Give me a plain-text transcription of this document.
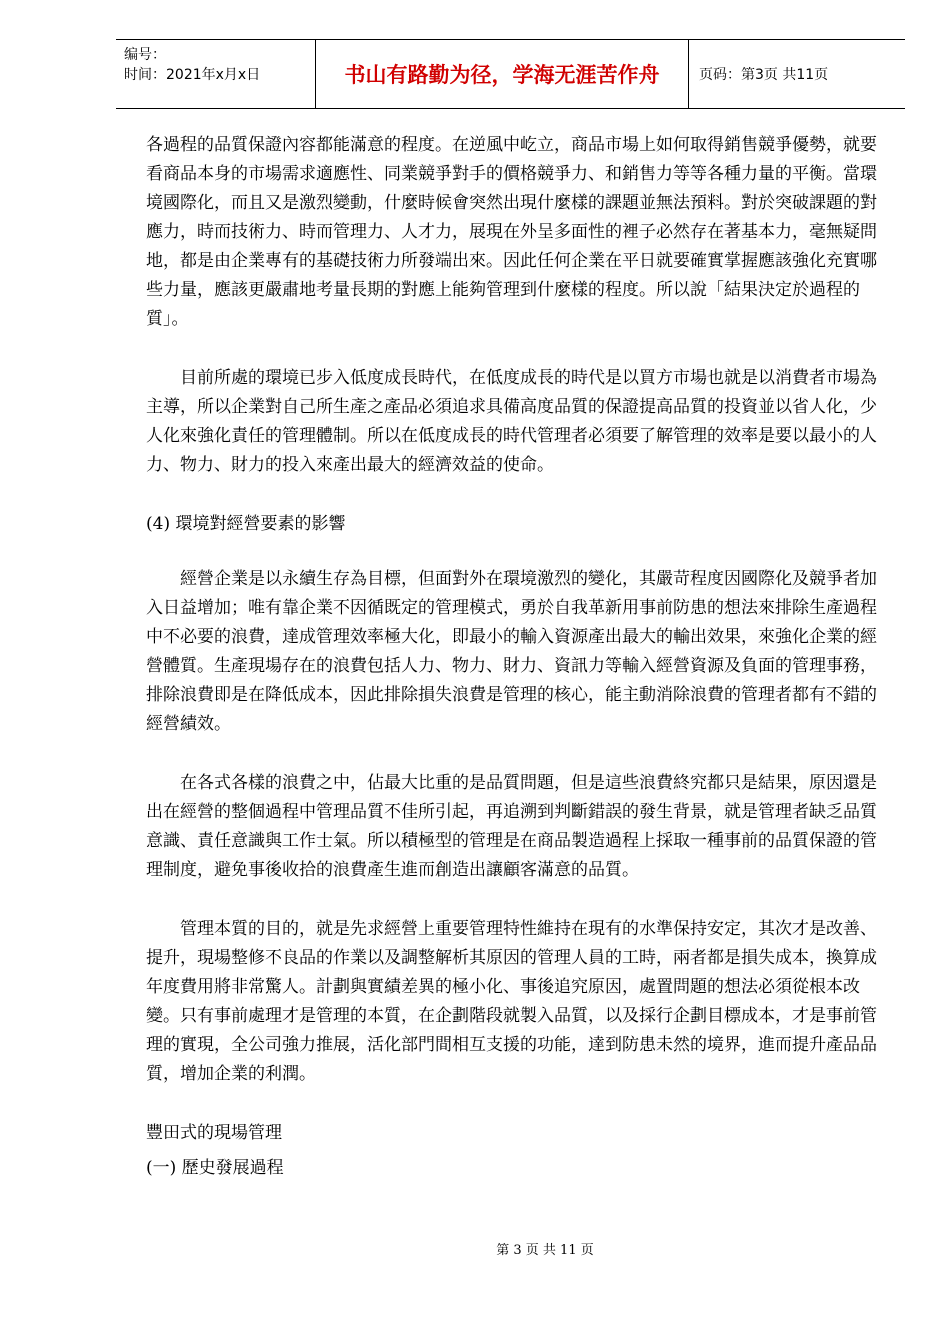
编号：
时间：2021年x月x日	书山有路勤为径，学海无涯苦作舟	页码：第3页 共11页

各過程的品質保證內容都能滿意的程度。在逆風中屹立，商品市場上如何取得銷售競爭優勢，就要看商品本身的市場需求適應性、同業競爭對手的價格競爭力、和銷售力等等各種力量的平衡。當環境國際化，而且又是激烈變動，什麼時候會突然出現什麼樣的課題並無法預料。對於突破課題的對應力，時而技術力、時而管理力、人才力，展現在外呈多面性的裡子必然存在著基本力，毫無疑問地，都是由企業專有的基礎技術力所發端出來。因此任何企業在平日就要確實掌握應該強化充實哪些力量，應該更嚴肅地考量長期的對應上能夠管理到什麼樣的程度。所以說「結果決定於過程的質」。

目前所處的環境已步入低度成長時代，在低度成長的時代是以買方市場也就是以消費者市場為主導，所以企業對自己所生產之產品必須追求具備高度品質的保證提高品質的投資並以省人化，少人化來強化責任的管理體制。所以在低度成長的時代管理者必須要了解管理的效率是要以最小的人力、物力、財力的投入來產出最大的經濟效益的使命。

(4) 環境對經營要素的影響

經營企業是以永續生存為目標，但面對外在環境激烈的變化，其嚴苛程度因國際化及競爭者加入日益增加；唯有靠企業不因循既定的管理模式，勇於自我革新用事前防患的想法來排除生產過程中不必要的浪費，達成管理效率極大化，即最小的輸入資源產出最大的輸出效果，來強化企業的經營體質。生產現場存在的浪費包括人力、物力、財力、資訊力等輸入經營資源及負面的管理事務，排除浪費即是在降低成本，因此排除損失浪費是管理的核心，能主動消除浪費的管理者都有不錯的經營績效。

在各式各樣的浪費之中，佔最大比重的是品質問題，但是這些浪費終究都只是結果，原因還是出在經營的整個過程中管理品質不佳所引起，再追溯到判斷錯誤的發生背景，就是管理者缺乏品質意識、責任意識與工作士氣。所以積極型的管理是在商品製造過程上採取一種事前的品質保證的管理制度，避免事後收拾的浪費產生進而創造出讓顧客滿意的品質。

管理本質的目的，就是先求經營上重要管理特性維持在現有的水準保持安定，其次才是改善、提升，現場整修不良品的作業以及調整解析其原因的管理人員的工時，兩者都是損失成本，換算成年度費用將非常驚人。計劃與實績差異的極小化、事後追究原因，處置問題的想法必須從根本改變。只有事前處理才是管理的本質，在企劃階段就製入品質，以及採行企劃目標成本，才是事前管理的實現，全公司強力推展，活化部門間相互支援的功能，達到防患未然的境界，進而提升產品品質，增加企業的利潤。

豐田式的現場管理

(一) 歷史發展過程

第 3 页 共 11 页
